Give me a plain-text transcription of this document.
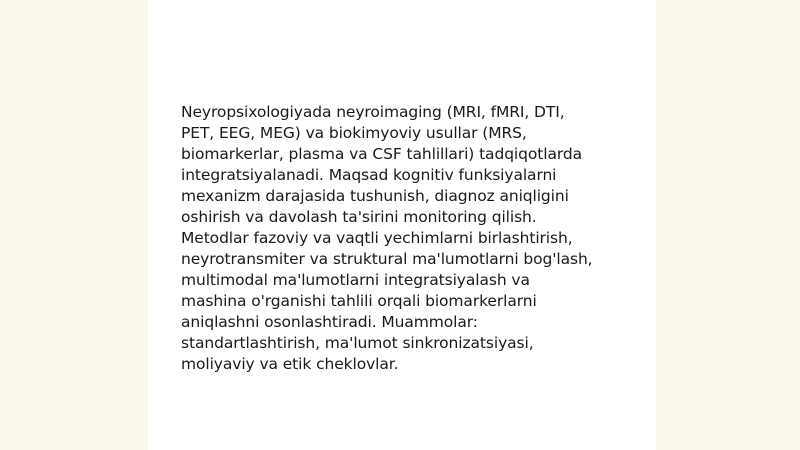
Neyropsixologiyada neyroimaging (MRI, fMRI, DTI,
PET, EEG, MEG) va biokimyoviy usullar (MRS,
biomarkerlar, plasma va CSF tahlillari) tadqiqotlarda
integratsiyalanadi. Maqsad kognitiv funksiyalarni
mexanizm darajasida tushunish, diagnoz aniqligini
oshirish va davolash ta'sirini monitoring qilish.
Metodlar fazoviy va vaqtli yechimlarni birlashtirish,
neyrotransmiter va struktural ma'lumotlarni bog'lash,
multimodal ma'lumotlarni integratsiyalash va
mashina o'rganishi tahlili orqali biomarkerlarni
aniqlashni osonlashtiradi. Muammolar:
standartlashtirish, ma'lumot sinkronizatsiyasi,
moliyaviy va etik cheklovlar.
